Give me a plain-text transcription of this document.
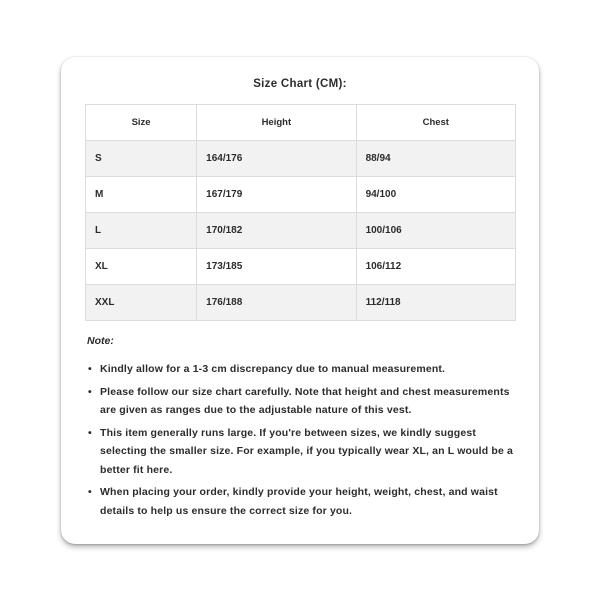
Size Chart (CM):
Size	Height	Chest
S	164/176	88/94
M	167/179	94/100
L	170/182	100/106
XL	173/185	106/112
XXL	176/188	112/118
Note:
• Kindly allow for a 1-3 cm discrepancy due to manual measurement.
• Please follow our size chart carefully. Note that height and chest measurements are given as ranges due to the adjustable nature of this vest.
• This item generally runs large. If you're between sizes, we kindly suggest selecting the smaller size. For example, if you typically wear XL, an L would be a better fit here.
• When placing your order, kindly provide your height, weight, chest, and waist details to help us ensure the correct size for you.
